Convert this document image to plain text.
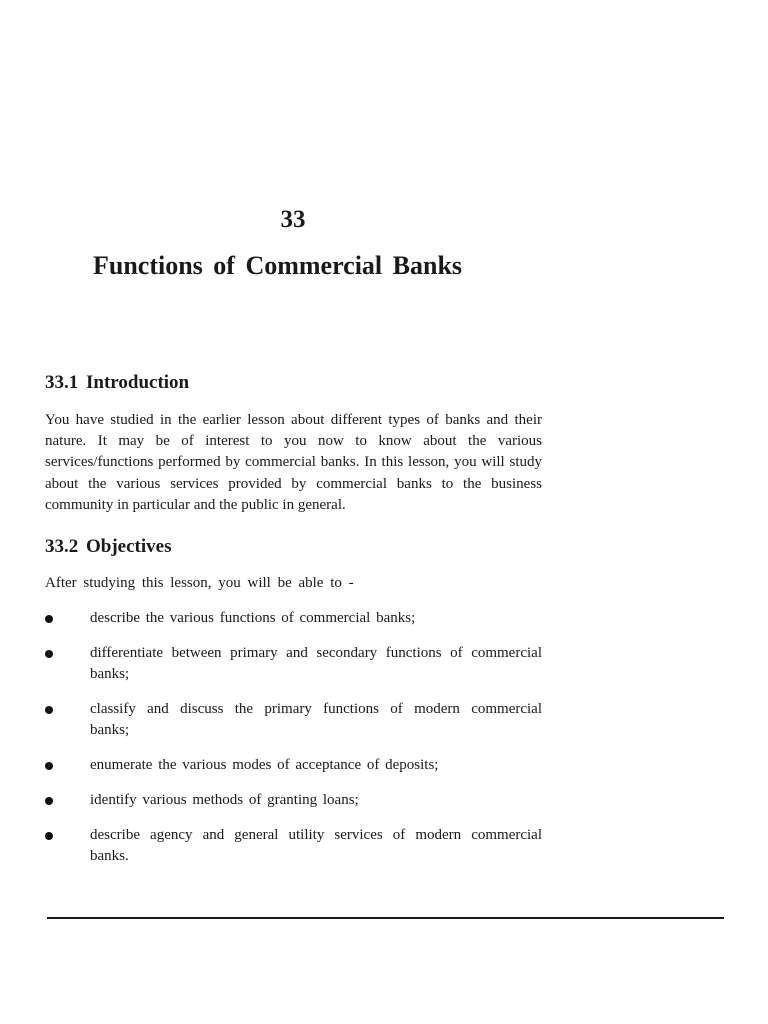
33
Functions of Commercial Banks
33.1 Introduction

You have studied in the earlier lesson about different types of banks and their nature. It may be of interest to you now to know about the various services/functions performed by commercial banks. In this lesson, you will study about the various services provided by commercial banks to the business community in particular and the public in general.

33.2 Objectives

After studying this lesson, you will be able to -

describe the various functions of commercial banks;
differentiate between primary and secondary functions of commercial banks;
classify and discuss the primary functions of modern commercial banks;
enumerate the various modes of acceptance of deposits;
identify various methods of granting loans;
describe agency and general utility services of modern commercial banks.
